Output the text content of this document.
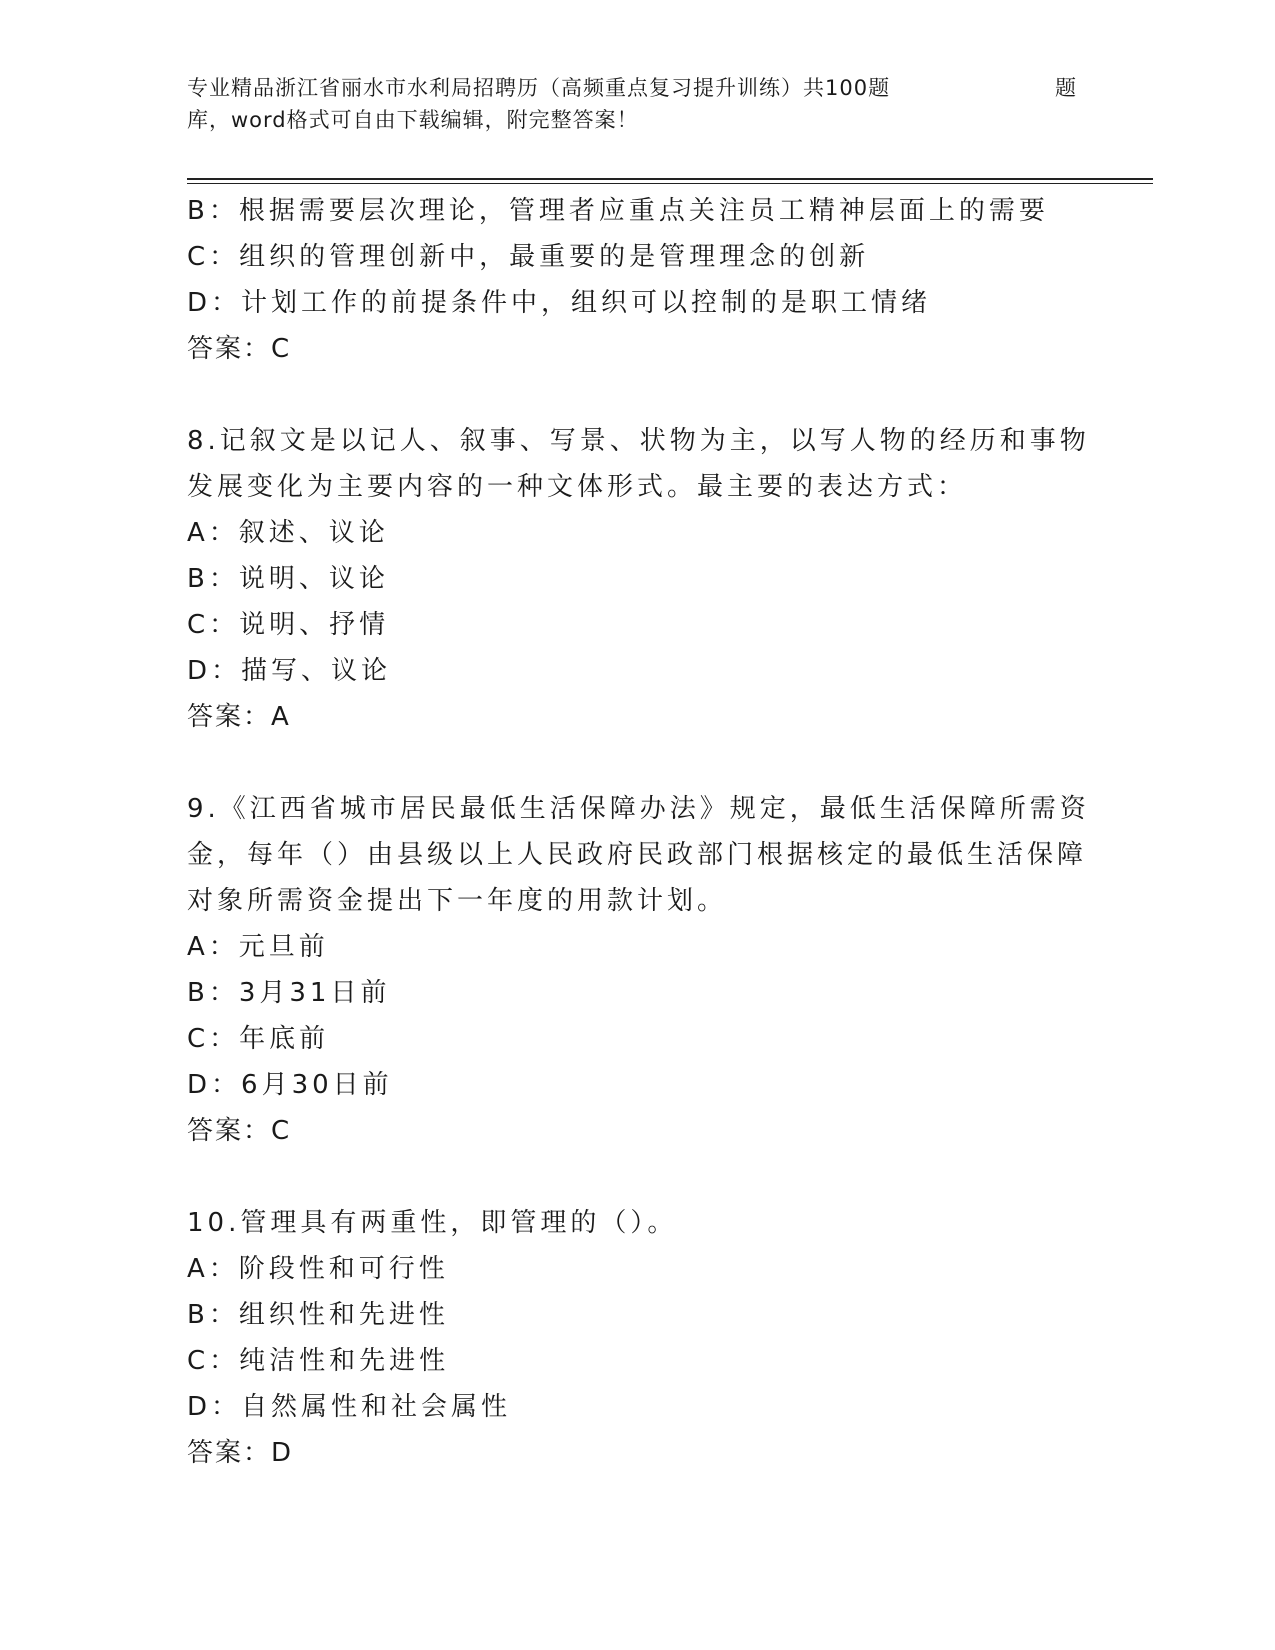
专业精品浙江省丽水市水利局招聘历（高频重点复习提升训练）共100题	题
库，word格式可自由下载编辑，附完整答案！
B：根据需要层次理论，管理者应重点关注员工精神层面上的需要
C：组织的管理创新中，最重要的是管理理念的创新
D：计划工作的前提条件中，组织可以控制的是职工情绪
答案：C
8.记叙文是以记人、叙事、写景、状物为主，以写人物的经历和事物
发展变化为主要内容的一种文体形式。最主要的表达方式：
A：叙述、议论
B：说明、议论
C：说明、抒情
D：描写、议论
答案：A
9.《江西省城市居民最低生活保障办法》规定，最低生活保障所需资
金，每年（）由县级以上人民政府民政部门根据核定的最低生活保障
对象所需资金提出下一年度的用款计划。
A：元旦前
B：3月31日前
C：年底前
D：6月30日前
答案：C
10.管理具有两重性，即管理的（）。
A：阶段性和可行性
B：组织性和先进性
C：纯洁性和先进性
D：自然属性和社会属性
答案：D
